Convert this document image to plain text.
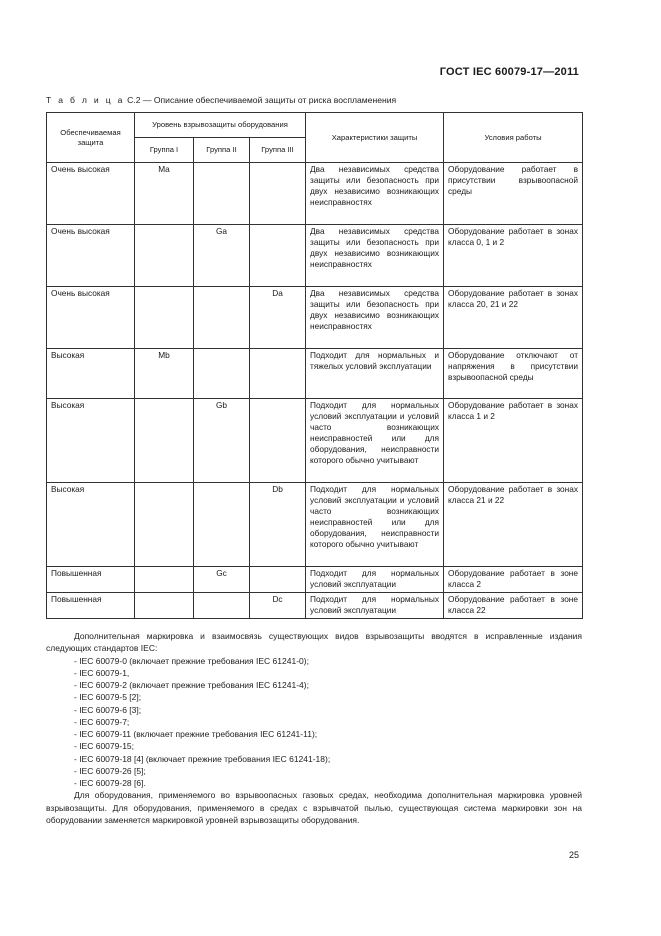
ГОСТ IEC 60079-17—2011
Т а б л и ц а С.2 — Описание обеспечиваемой защиты от риска воспламенения
Обеспечиваемая защита	Уровень взрывозащиты оборудования			Характеристики защиты	Условия работы
	Группа I	Группа II	Группа III		
Очень высокая	Ma			Два независимых средства защиты или безопасность при двух независимо возникающих неисправностях	Оборудование работает в присутствии взрывоопасной среды
Очень высокая		Ga		Два независимых средства защиты или безопасность при двух независимо возникающих неисправностях	Оборудование работает в зонах класса 0, 1 и 2
Очень высокая			Da	Два независимых средства защиты или безопасность при двух независимо возникающих неисправностях	Оборудование работает в зонах класса 20, 21 и 22
Высокая	Mb			Подходит для нормальных и тяжелых условий эксплуатации	Оборудование отключают от напряжения в присутствии взрывоопасной среды
Высокая		Gb		Подходит для нормальных условий эксплуатации и условий часто возникающих неисправностей или для оборудования, неисправности которого обычно учитывают	Оборудование работает в зонах класса 1 и 2
Высокая			Db	Подходит для нормальных условий эксплуатации и условий часто возникающих неисправностей или для оборудования, неисправности которого обычно учитывают	Оборудование работает в зонах класса 21 и 22
Повышенная		Gc		Подходит для нормальных условий эксплуатации	Оборудование работает в зоне класса 2
Повышенная			Dc	Подходит для нормальных условий эксплуатации	Оборудование работает в зоне класса 22

Дополнительная маркировка и взаимосвязь существующих видов взрывозащиты вводятся в исправленные издания следующих стандартов IEC:

- IEC 60079-0 (включает прежние требования IEC 61241-0);
- IEC 60079-1,
- IEC 60079-2 (включает прежние требования IEC 61241-4);
- IEC 60079-5 [2];
- IEC 60079-6 [3];
- IEC 60079-7;
- IEC 60079-11 (включает прежние требования IEC 61241-11);
- IEC 60079-15;
- IEC 60079-18 [4] (включает прежние требования IEC 61241-18);
- IEC 60079-26 [5];
- IEC 60079-28 [6].

Для оборудования, применяемого во взрывоопасных газовых средах, необходима дополнительная маркировка уровней взрывозащиты. Для оборудования, применяемого в средах с взрывчатой пылью, существующая система маркировки зон на оборудовании заменяется маркировкой уровней взрывозащиты оборудования.

25
